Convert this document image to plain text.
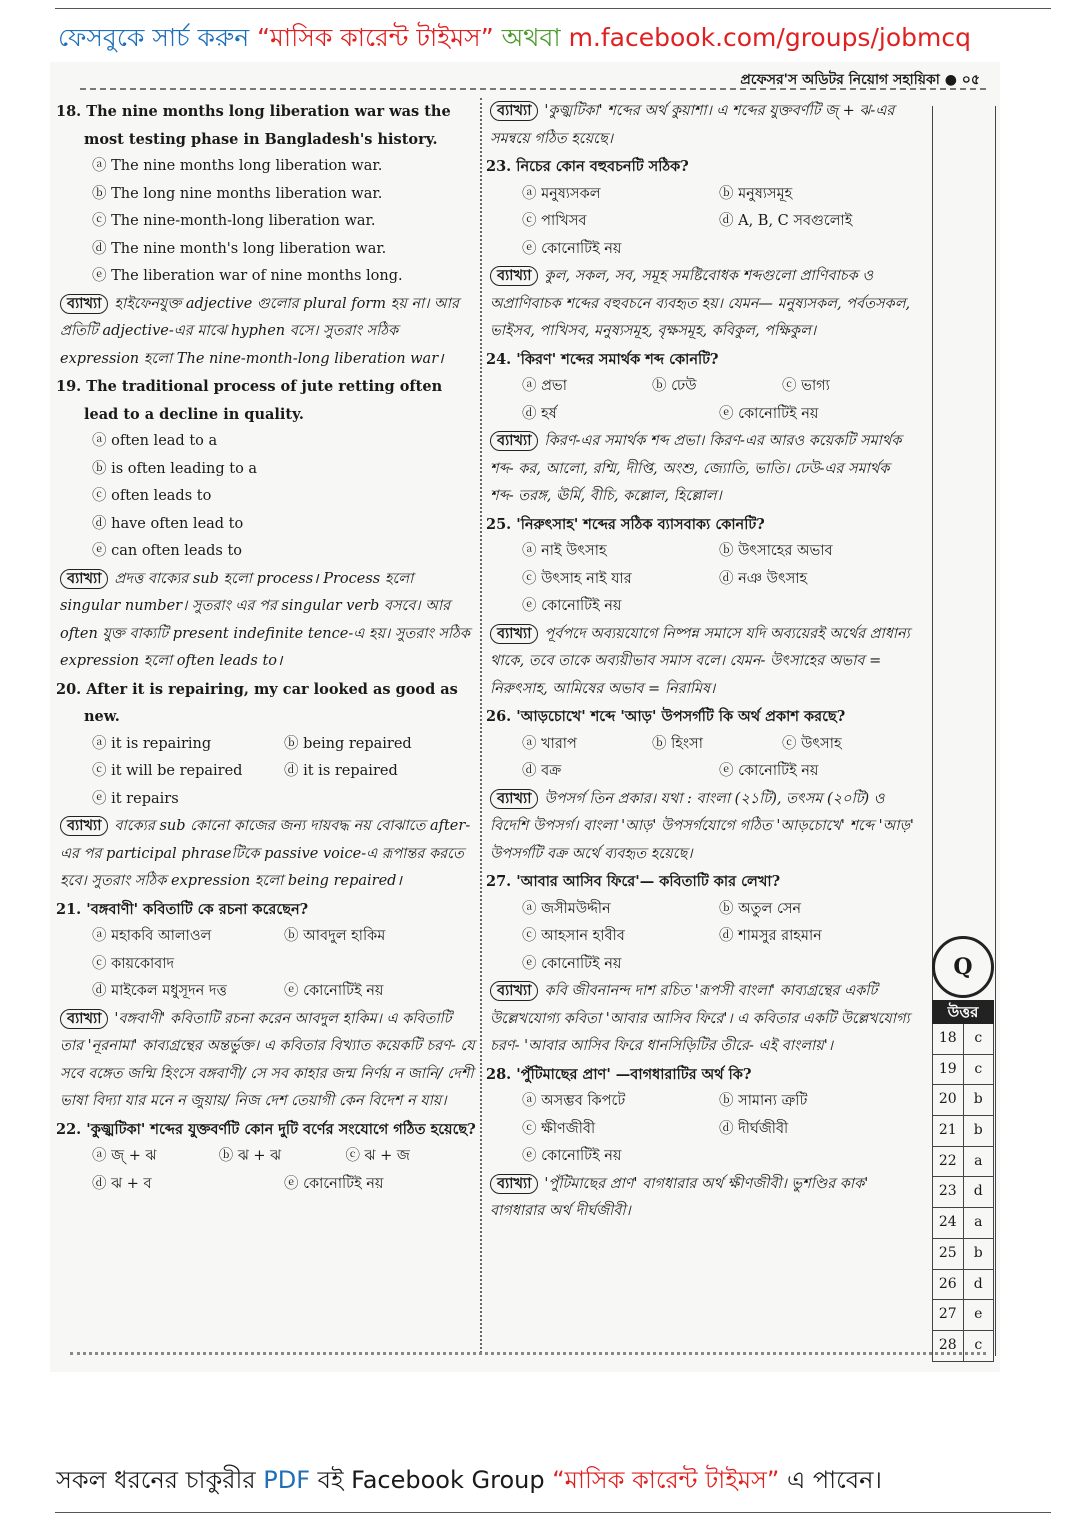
ফেসবুকে সার্চ করুন “মাসিক কারেন্ট টাইমস” অথবা m.facebook.com/groups/jobmcq
প্রফেসর'স অডিটর নিয়োগ সহায়িকা ● ০৫
18. The nine months long liberation war was the most testing phase in Bangladesh's history.
ⓐ The nine months long liberation war.
ⓑ The long nine months liberation war.
ⓒ The nine-month-long liberation war.
ⓓ The nine month's long liberation war.
ⓔ The liberation war of nine months long.
ব্যাখ্যা হাইফেনযুক্ত adjective গুলোর plural form হয় না। আর প্রতিটি adjective-এর মাঝে hyphen বসে। সুতরাং সঠিক expression হলো The nine-month-long liberation war।
19. The traditional process of jute retting often lead to a decline in quality.
ⓐ often lead to a
ⓑ is often leading to a
ⓒ often leads to
ⓓ have often lead to
ⓔ can often leads to
ব্যাখ্যা প্রদত্ত বাক্যের sub হলো process। Process হলো singular number। সুতরাং এর পর singular verb বসবে। আর often যুক্ত বাক্যটি present indefinite tence-এ হয়। সুতরাং সঠিক expression হলো often leads to।
20. After it is repairing, my car looked as good as new.
ⓐ it is repairing	ⓑ being repaired
ⓒ it will be repaired	ⓓ it is repaired
ⓔ it repairs
ব্যাখ্যা বাক্যের sub কোনো কাজের জন্য দায়বদ্ধ নয় বোঝাতে after-এর পর participal phraseটিকে passive voice-এ রূপান্তর করতে হবে। সুতরাং সঠিক expression হলো being repaired।
21. 'বঙ্গবাণী' কবিতাটি কে রচনা করেছেন?
ⓐ মহাকবি আলাওল	ⓑ আবদুল হাকিম
ⓒ কায়কোবাদ
ⓓ মাইকেল মধুসূদন দত্ত	ⓔ কোনোটিই নয়
ব্যাখ্যা 'বঙ্গবাণী' কবিতাটি রচনা করেন আবদুল হাকিম। এ কবিতাটি তার 'নূরনামা' কাব্যগ্রন্থের অন্তর্ভুক্ত। এ কবিতার বিখ্যাত কয়েকটি চরণ- যে সবে বঙ্গেত জন্মি হিংসে বঙ্গবাণী/ সে সব কাহার জন্ম নির্ণয় ন জানি/ দেশী ভাষা বিদ্যা যার মনে ন জুয়ায়/ নিজ দেশ তেয়াগী কেন বিদেশ ন যায়।
22. 'কুজ্ঝটিকা' শব্দের যুক্তবর্ণটি কোন দুটি বর্ণের সংযোগে গঠিত হয়েছে?
ⓐ জ্ + ঝ	ⓑ ঝ + ঝ	ⓒ ঝ + জ
ⓓ ঝ + ব	ⓔ কোনোটিই নয়
ব্যাখ্যা 'কুজ্ঝটিকা' শব্দের অর্থ কুয়াশা। এ শব্দের যুক্তবর্ণটি জ্ + ঝ-এর সমন্বয়ে গঠিত হয়েছে।
23. নিচের কোন বহুবচনটি সঠিক?
ⓐ মনুষ্যসকল	ⓑ মনুষ্যসমূহ
ⓒ পাখিসব	ⓓ A, B, C সবগুলোই
ⓔ কোনোটিই নয়
ব্যাখ্যা কুল, সকল, সব, সমূহ সমষ্টিবোধক শব্দগুলো প্রাণিবাচক ও অপ্রাণিবাচক শব্দের বহুবচনে ব্যবহৃত হয়। যেমন— মনুষ্যসকল, পর্বতসকল, ভাইসব, পাখিসব, মনুষ্যসমূহ, বৃক্ষসমূহ, কবিকুল, পক্ষিকুল।
24. 'কিরণ' শব্দের সমার্থক শব্দ কোনটি?
ⓐ প্রভা	ⓑ ঢেউ	ⓒ ভাগ্য
ⓓ হর্ষ	ⓔ কোনোটিই নয়
ব্যাখ্যা কিরণ-এর সমার্থক শব্দ প্রভা। কিরণ-এর আরও কয়েকটি সমার্থক শব্দ- কর, আলো, রশ্মি, দীপ্তি, অংশু, জ্যোতি, ভাতি। ঢেউ-এর সমার্থক শব্দ- তরঙ্গ, ঊর্মি, বীচি, কল্লোল, হিল্লোল।
25. 'নিরুৎসাহ' শব্দের সঠিক ব্যাসবাক্য কোনটি?
ⓐ নাই উৎসাহ	ⓑ উৎসাহের অভাব
ⓒ উৎসাহ নাই যার	ⓓ নঞ উৎসাহ
ⓔ কোনোটিই নয়
ব্যাখ্যা পূর্বপদে অব্যয়যোগে নিষ্পন্ন সমাসে যদি অব্যয়েরই অর্থের প্রাধান্য থাকে, তবে তাকে অব্যয়ীভাব সমাস বলে। যেমন- উৎসাহের অভাব = নিরুৎসাহ, আমিষের অভাব = নিরামিষ।
26. 'আড়চোখে' শব্দে 'আড়' উপসর্গটি কি অর্থ প্রকাশ করছে?
ⓐ খারাপ	ⓑ হিংসা	ⓒ উৎসাহ
ⓓ বক্র	ⓔ কোনোটিই নয়
ব্যাখ্যা উপসর্গ তিন প্রকার। যথা : বাংলা (২১টি), তৎসম (২০টি) ও বিদেশি উপসর্গ। বাংলা 'আড়' উপসর্গযোগে গঠিত 'আড়চোখে' শব্দে 'আড়' উপসর্গটি বক্র অর্থে ব্যবহৃত হয়েছে।
27. 'আবার আসিব ফিরে'— কবিতাটি কার লেখা?
ⓐ জসীমউদ্দীন	ⓑ অতুল সেন
ⓒ আহসান হাবীব	ⓓ শামসুর রাহমান
ⓔ কোনোটিই নয়
ব্যাখ্যা কবি জীবনানন্দ দাশ রচিত 'রূপসী বাংলা' কাব্যগ্রন্থের একটি উল্লেখযোগ্য কবিতা 'আবার আসিব ফিরে'। এ কবিতার একটি উল্লেখযোগ্য চরণ- 'আবার আসিব ফিরে ধানসিড়িটির তীরে- এই বাংলায়'।
28. 'পুঁটিমাছের প্রাণ' —বাগধারাটির অর্থ কি?
ⓐ অসম্ভব কিপটে	ⓑ সামান্য ত্রুটি
ⓒ ক্ষীণজীবী	ⓓ দীর্ঘজীবী
ⓔ কোনোটিই নয়
ব্যাখ্যা 'পুঁটিমাছের প্রাণ' বাগধারার অর্থ ক্ষীণজীবী। ভুশণ্ডির কাক' বাগধারার অর্থ দীর্ঘজীবী।
Q
উত্তর
18	c
19	c
20	b
21	b
22	a
23	d
24	a
25	b
26	d
27	e
28	c
সকল ধরনের চাকুরীর PDF বই Facebook Group “মাসিক কারেন্ট টাইমস” এ পাবেন।
